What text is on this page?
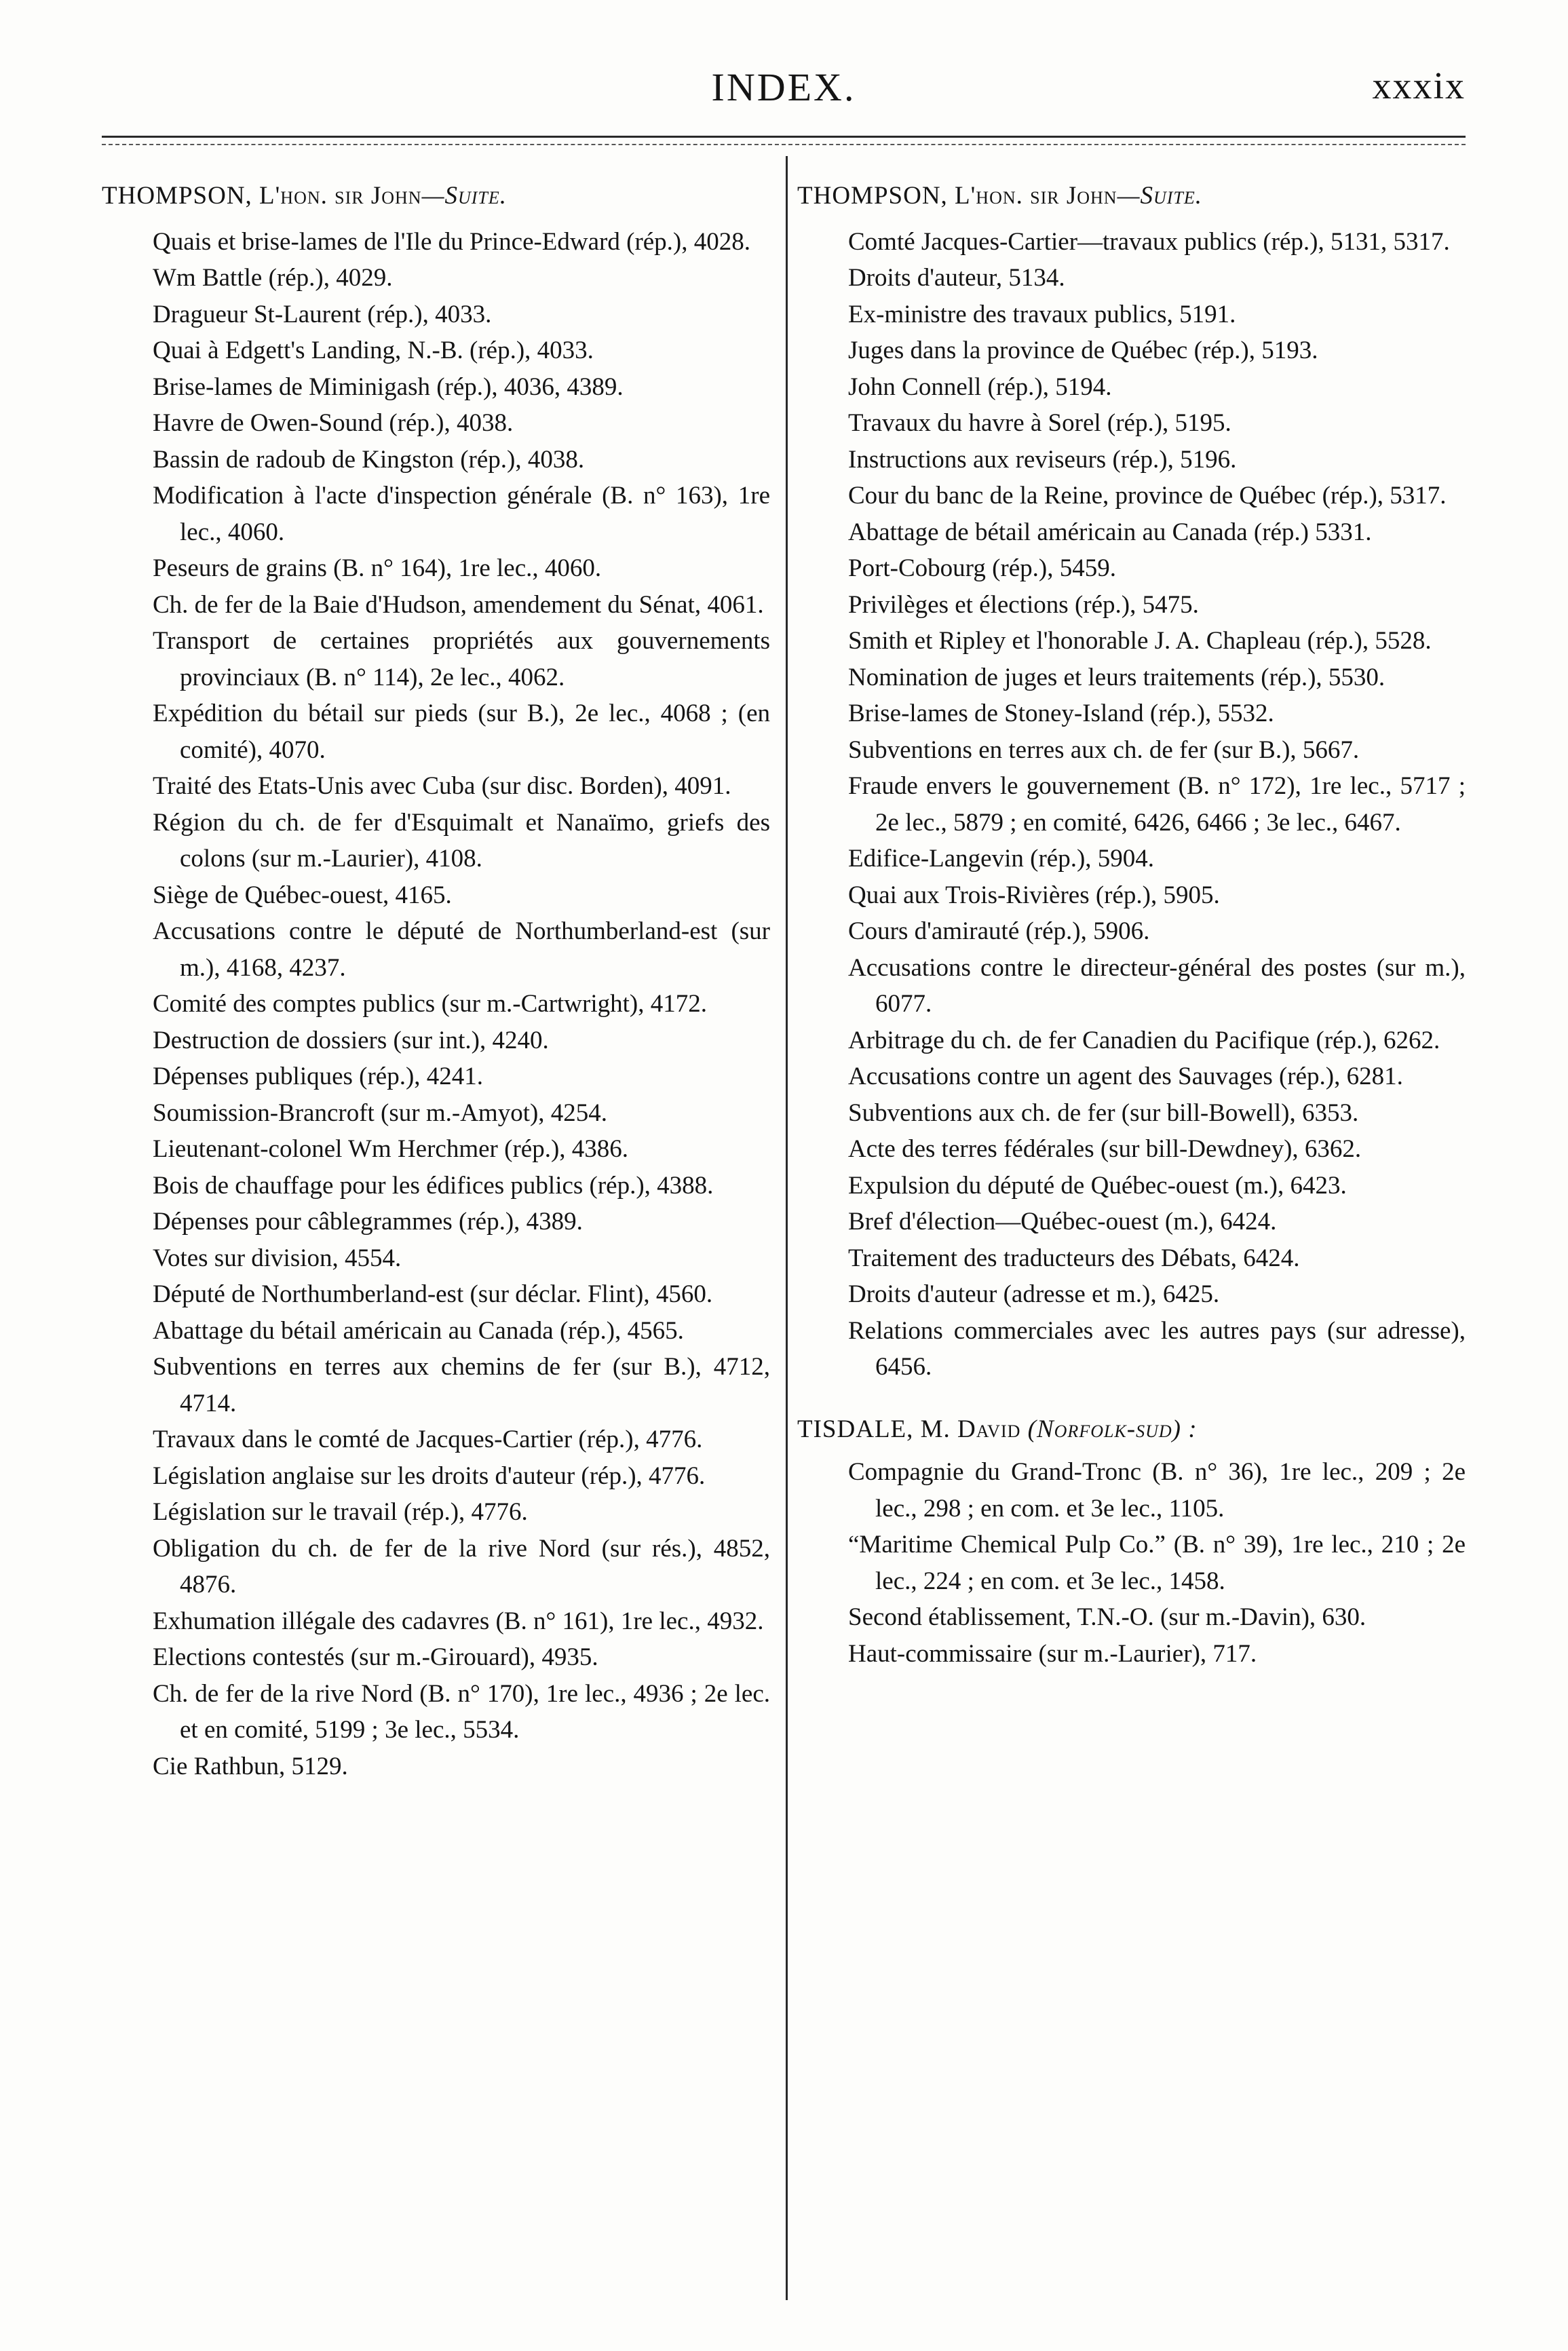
INDEX.	xxxix
THOMPSON, L'hon. sir John—Suite.
Quais et brise-lames de l'Ile du Prince-Edward (rép.), 4028.
Wm Battle (rép.), 4029.
Dragueur St-Laurent (rép.), 4033.
Quai à Edgett's Landing, N.-B. (rép.), 4033.
Brise-lames de Miminigash (rép.), 4036, 4389.
Havre de Owen-Sound (rép.), 4038.
Bassin de radoub de Kingston (rép.), 4038.
Modification à l'acte d'inspection générale (B. n° 163), 1re lec., 4060.
Peseurs de grains (B. n° 164), 1re lec., 4060.
Ch. de fer de la Baie d'Hudson, amendement du Sénat, 4061.
Transport de certaines propriétés aux gouvernements provinciaux (B. n° 114), 2e lec., 4062.
Expédition du bétail sur pieds (sur B.), 2e lec., 4068 ; (en comité), 4070.
Traité des Etats-Unis avec Cuba (sur disc. Borden), 4091.
Région du ch. de fer d'Esquimalt et Nanaïmo, griefs des colons (sur m.-Laurier), 4108.
Siège de Québec-ouest, 4165.
Accusations contre le député de Northumberland-est (sur m.), 4168, 4237.
Comité des comptes publics (sur m.-Cartwright), 4172.
Destruction de dossiers (sur int.), 4240.
Dépenses publiques (rép.), 4241.
Soumission-Brancroft (sur m.-Amyot), 4254.
Lieutenant-colonel Wm Herchmer (rép.), 4386.
Bois de chauffage pour les édifices publics (rép.), 4388.
Dépenses pour câblegrammes (rép.), 4389.
Votes sur division, 4554.
Député de Northumberland-est (sur déclar. Flint), 4560.
Abattage du bétail américain au Canada (rép.), 4565.
Subventions en terres aux chemins de fer (sur B.), 4712, 4714.
Travaux dans le comté de Jacques-Cartier (rép.), 4776.
Législation anglaise sur les droits d'auteur (rép.), 4776.
Législation sur le travail (rép.), 4776.
Obligation du ch. de fer de la rive Nord (sur rés.), 4852, 4876.
Exhumation illégale des cadavres (B. n° 161), 1re lec., 4932.
Elections contestés (sur m.-Girouard), 4935.
Ch. de fer de la rive Nord (B. n° 170), 1re lec., 4936 ; 2e lec. et en comité, 5199 ; 3e lec., 5534.
Cie Rathbun, 5129.
THOMPSON, L'hon. sir John—Suite.
Comté Jacques-Cartier—travaux publics (rép.), 5131, 5317.
Droits d'auteur, 5134.
Ex-ministre des travaux publics, 5191.
Juges dans la province de Québec (rép.), 5193.
John Connell (rép.), 5194.
Travaux du havre à Sorel (rép.), 5195.
Instructions aux reviseurs (rép.), 5196.
Cour du banc de la Reine, province de Québec (rép.), 5317.
Abattage de bétail américain au Canada (rép.) 5331.
Port-Cobourg (rép.), 5459.
Privilèges et élections (rép.), 5475.
Smith et Ripley et l'honorable J. A. Chapleau (rép.), 5528.
Nomination de juges et leurs traitements (rép.), 5530.
Brise-lames de Stoney-Island (rép.), 5532.
Subventions en terres aux ch. de fer (sur B.), 5667.
Fraude envers le gouvernement (B. n° 172), 1re lec., 5717 ; 2e lec., 5879 ; en comité, 6426, 6466 ; 3e lec., 6467.
Edifice-Langevin (rép.), 5904.
Quai aux Trois-Rivières (rép.), 5905.
Cours d'amirauté (rép.), 5906.
Accusations contre le directeur-général des postes (sur m.), 6077.
Arbitrage du ch. de fer Canadien du Pacifique (rép.), 6262.
Accusations contre un agent des Sauvages (rép.), 6281.
Subventions aux ch. de fer (sur bill-Bowell), 6353.
Acte des terres fédérales (sur bill-Dewdney), 6362.
Expulsion du député de Québec-ouest (m.), 6423.
Bref d'élection—Québec-ouest (m.), 6424.
Traitement des traducteurs des Débats, 6424.
Droits d'auteur (adresse et m.), 6425.
Relations commerciales avec les autres pays (sur adresse), 6456.
TISDALE, M. David (Norfolk-sud) :
Compagnie du Grand-Tronc (B. n° 36), 1re lec., 209 ; 2e lec., 298 ; en com. et 3e lec., 1105.
“Maritime Chemical Pulp Co.” (B. n° 39), 1re lec., 210 ; 2e lec., 224 ; en com. et 3e lec., 1458.
Second établissement, T.N.-O. (sur m.-Davin), 630.
Haut-commissaire (sur m.-Laurier), 717.
